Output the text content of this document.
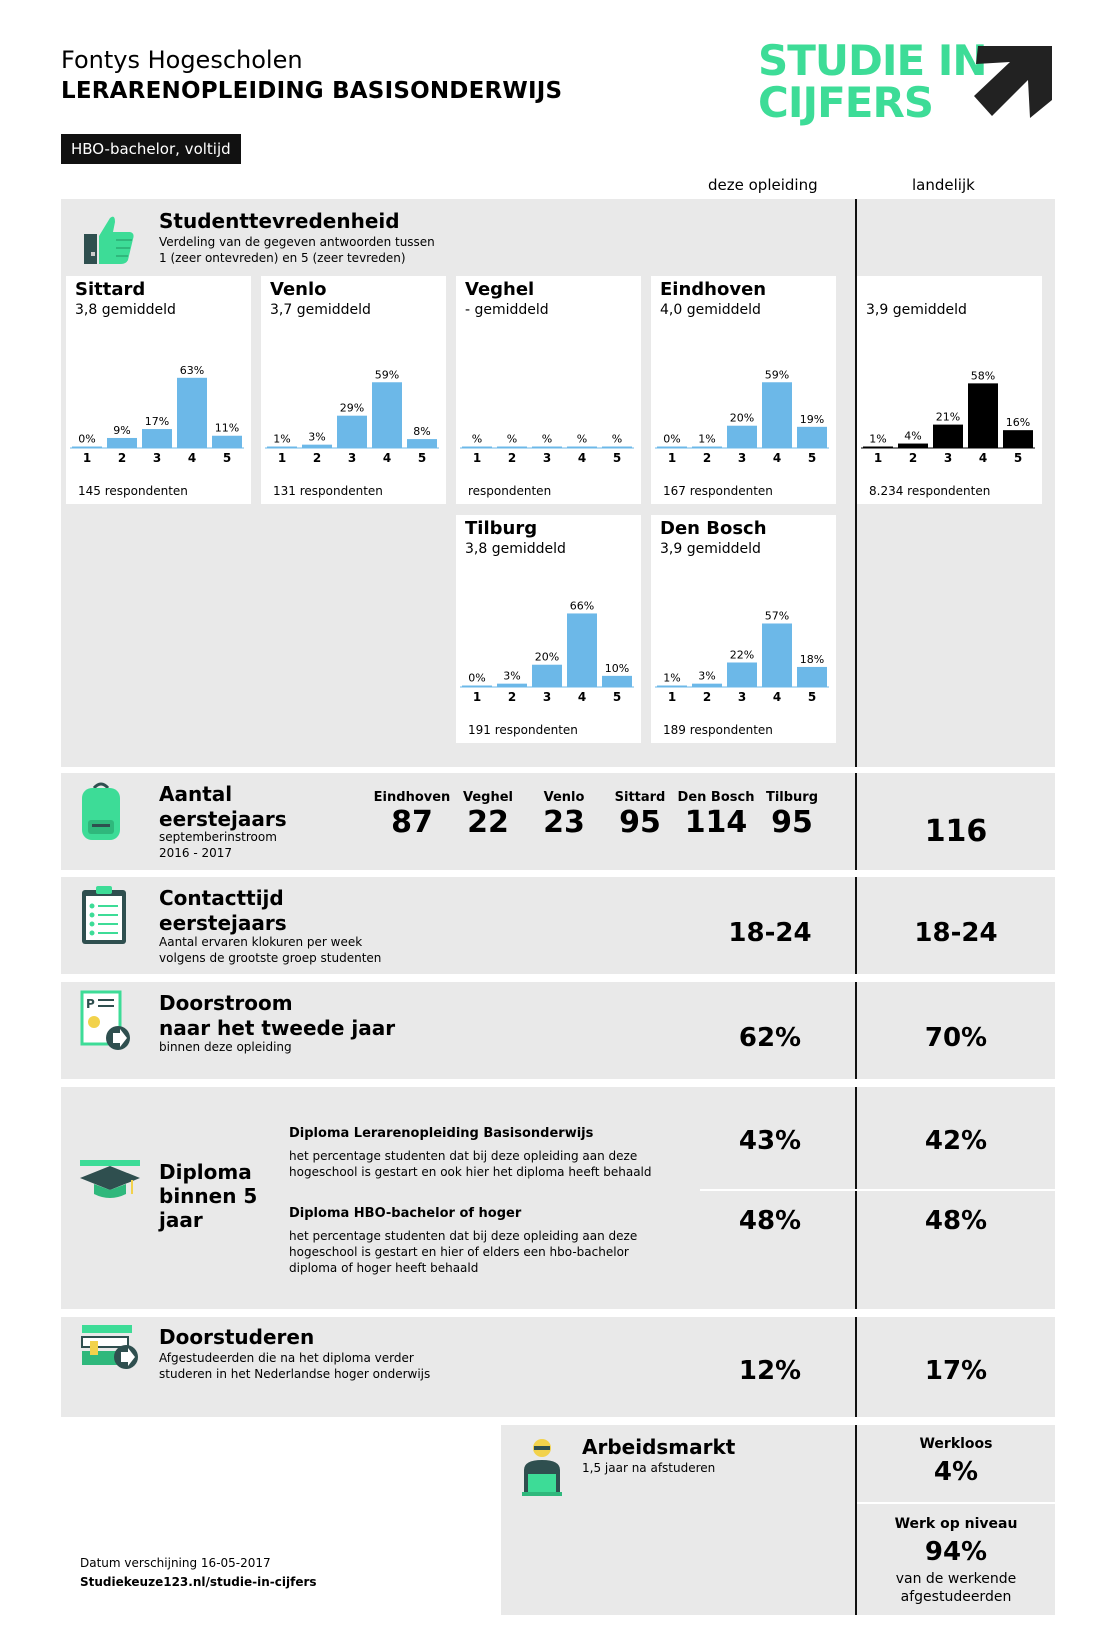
Fontys Hogescholen
LERARENOPLEIDING BASISONDERWIJS
HBO-bachelor, voltijd
STUDIE IN
CIJFERS
deze opleiding	landelijk
Studenttevredenheid
Verdeling van de gegeven antwoorden tussen
1 (zeer ontevreden) en 5 (zeer tevreden)
Sittard
3,8 gemiddeld
145 respondenten
0%
1
9%
2
17%
3
63%
4
11%
5
Venlo
3,7 gemiddeld
131 respondenten
1%
1
3%
2
29%
3
59%
4
8%
5
Veghel
- gemiddeld
respondenten
%
1
%
2
%
3
%
4
%
5
Eindhoven
4,0 gemiddeld
167 respondenten
0%
1
1%
2
20%
3
59%
4
19%
5
3,9 gemiddeld
8.234 respondenten
1%
1
4%
2
21%
3
58%
4
16%
5
Tilburg
3,8 gemiddeld
191 respondenten
0%
1
3%
2
20%
3
66%
4
10%
5
Den Bosch
3,9 gemiddeld
189 respondenten
1%
1
3%
2
22%
3
57%
4
18%
5
Aantal
eerstejaars
septemberinstroom
2016 - 2017
Eindhoven
87
Veghel
22
Venlo
23
Sittard
95
Den Bosch
114
Tilburg
95	116
Contacttijd
eerstejaars
Aantal ervaren klokuren per week
volgens de grootste groep studenten
18-24	18-24
P	Doorstroom
naar het tweede jaar
binnen deze opleiding	62%	70%
Diploma
binnen 5
jaar
Diploma Lerarenopleiding Basisonderwijs
het percentage studenten dat bij deze opleiding aan deze
hogeschool is gestart en ook hier het diploma heeft behaald
43%	42%
Diploma HBO-bachelor of hoger
het percentage studenten dat bij deze opleiding aan deze
hogeschool is gestart en hier of elders een hbo-bachelor
diploma of hoger heeft behaald
48%	48%
Doorstuderen
Afgestudeerden die na het diploma verder
studeren in het Nederlandse hoger onderwijs	12%	17%
Arbeidsmarkt
1,5 jaar na afstuderen
Werkloos
4%
Werk op niveau
94%
van de werkende
afgestudeerden
Datum verschijning 16-05-2017
Studiekeuze123.nl/studie-in-cijfers
